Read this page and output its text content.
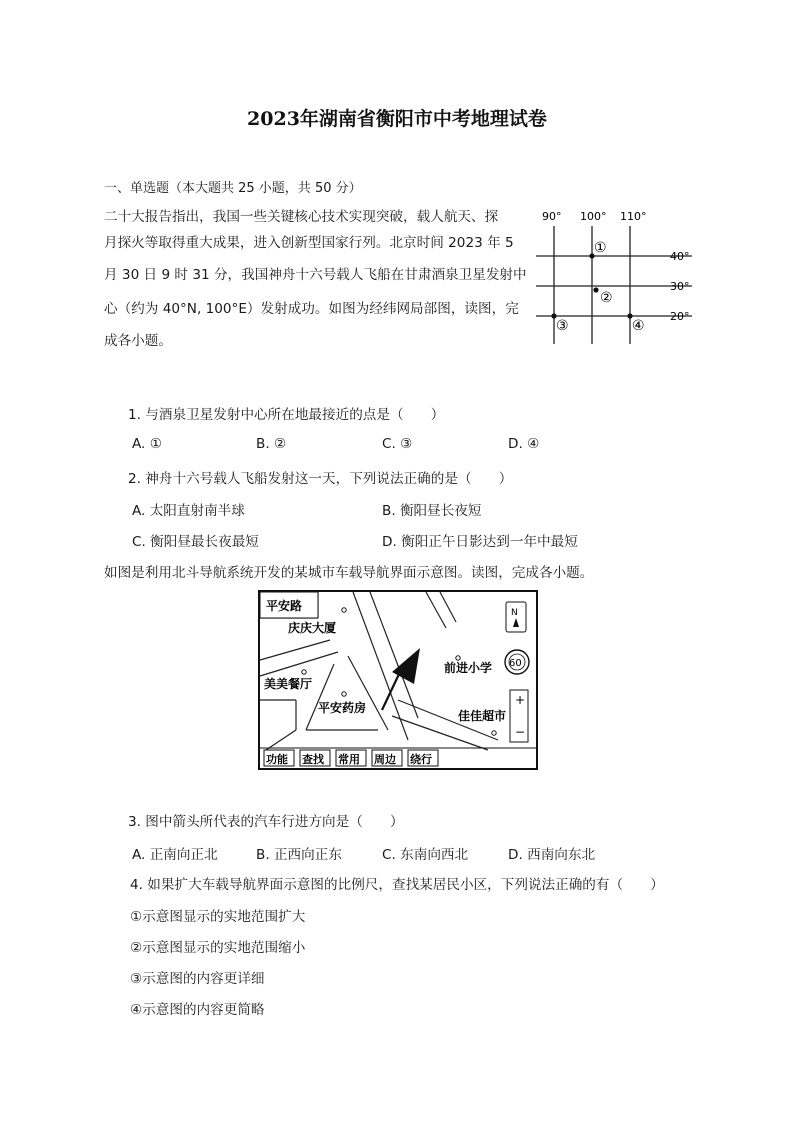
2023年湖南省衡阳市中考地理试卷
一、单选题（本大题共 25 小题，共 50 分）
二十大报告指出，我国一些关键核心技术实现突破，载人航天、探
月探火等取得重大成果，进入创新型国家行列。北京时间 2023 年 5
月 30 日 9 时 31 分，我国神舟十六号载人飞船在甘肃酒泉卫星发射中
心（约为 40°N, 100°E）发射成功。如图为经纬网局部图，读图，完
成各小题。
90° 100° 110°
40°
30°
20°
①
②
③	④
1. 与酒泉卫星发射中心所在地最接近的点是（　　）
A. ①	B. ②	C. ③	D. ④
2. 神舟十六号载人飞船发射这一天，下列说法正确的是（　　）
A. 太阳直射南半球	B. 衡阳昼长夜短
C. 衡阳昼最长夜最短	D. 衡阳正午日影达到一年中最短
如图是利用北斗导航系统开发的某城市车载导航界面示意图。读图，完成各小题。
平安路
庆庆大厦
前进小学
美美餐厅
平安药房
佳佳超市
N
60
+
−
功能 查找 常用 周边 绕行
3. 图中箭头所代表的汽车行进方向是（　　）
A. 正南向正北	B. 正西向正东	C. 东南向西北	D. 西南向东北
4. 如果扩大车载导航界面示意图的比例尺，查找某居民小区，下列说法正确的有（　　）
①示意图显示的实地范围扩大
②示意图显示的实地范围缩小
③示意图的内容更详细
④示意图的内容更简略
